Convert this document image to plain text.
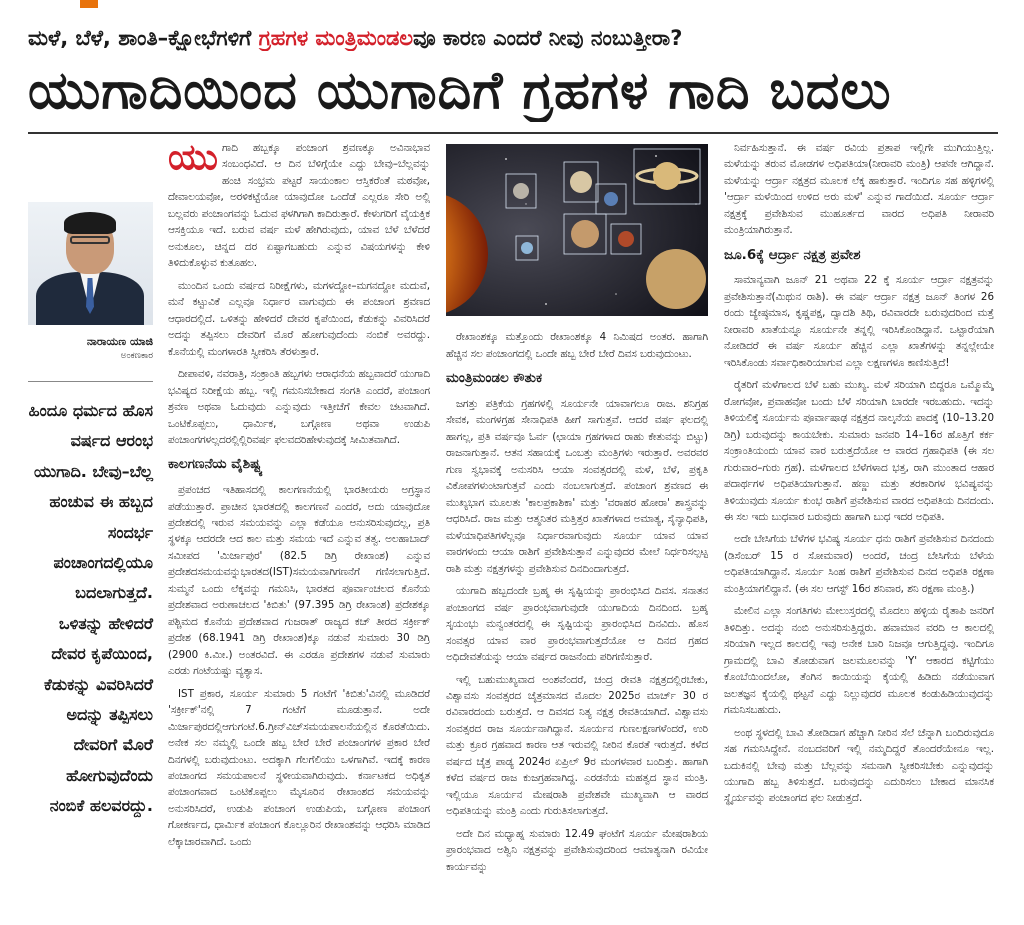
ಮಳೆ, ಬೆಳೆ, ಶಾಂತಿ–ಕ್ಷೋಭೆಗಳಿಗೆ ಗ್ರಹಗಳ ಮಂತ್ರಿಮಂಡಲವೂ ಕಾರಣ ಎಂದರೆ ನೀವು ನಂಬುತ್ತೀರಾ?
ಯುಗಾದಿಯಿಂದ ಯುಗಾದಿಗೆ ಗ್ರಹಗಳ ಗಾದಿ ಬದಲು
ನಾರಾಯಣ ಯಾಜಿ
ಅಂಕಣಕಾರ
ಹಿಂದೂ ಧರ್ಮದ ಹೊಸ ವರ್ಷದ ಆರಂಭ ಯುಗಾದಿ. ಬೇವು–ಬೆಲ್ಲ ಹಂಚುವ ಈ ಹಬ್ಬದ ಸಂದರ್ಭ ಪಂಚಾಂಗದಲ್ಲಿಯೂ ಬದಲಾಗುತ್ತದೆ. ಒಳಿತನ್ನು ಹೇಳಿದರೆ ದೇವರ ಕೃಪೆಯಿಂದ, ಕೆಡುಕನ್ನು ವಿವರಿಸಿದರೆ ಅದನ್ನು ತಪ್ಪಿಸಲು ದೇವರಿಗೆ ಮೊರೆ ಹೋಗುವುದೆಂದು ನಂಬಿಕೆ ಹಲವರದ್ದು.

ಯುಗಾದಿ ಹಬ್ಬಕ್ಕೂ ಪಂಚಾಂಗ ಶ್ರವಣಕ್ಕೂ ಅವಿನಾಭಾವ ಸಂಬಂಧವಿದೆ. ಆ ದಿನ ಬೆಳಿಗ್ಗೆಯೇ ಎದ್ದು ಬೇವು–ಬೆಲ್ಲವನ್ನು ಹಂಚಿ ಸಂಭ್ರಮ ಪಟ್ಟರೆ ಸಾಯಂಕಾಲ ಆಸ್ತಿಕರೆಂತೆ ಮಠವೋ, ದೇವಾಲಯವೋ, ಅರಳಿಕಟ್ಟೆಯೋ ಯಾವುದೋ ಒಂದೆಡೆ ಎಲ್ಲರೂ ಸೇರಿ ಅಲ್ಲಿ ಬಲ್ಲವರು ಪಂಚಾಂಗವನ್ನು ಓದುವ ಫಳಗಿಗಾಗಿ ಕಾದಿರುತ್ತಾರೆ. ಕೇಳುಗರಿಗೆ ವೈಯಕ್ತಿಕ ಆಸಕ್ತಿಯೂ ಇದೆ. ಬರುವ ವರ್ಷ ಮಳೆ ಹೇಗಿರುವುದು, ಯಾವ ಬೆಳೆ ಬೆಳೆದರೆ ಅನುಕೂಲ, ಚಿನ್ನದ ದರ ಏಷ್ಟಾಗಬಹುದು ಎನ್ನುವ ವಿಷಯಗಳನ್ನು ಕೇಳಿ ತಿಳಿದುಕೊಳ್ಳುವ ಕುತೂಹಲ.

ಮುಂದಿನ ಒಂದು ವರ್ಷದ ನಿರೀಕ್ಷೆಗಳು, ಮಗಳದ್ದೋ–ಮಗನದ್ದೋ ಮದುವೆ, ಮನೆ ಕಟ್ಟುವಿಕೆ ಎಲ್ಲವೂ ನಿರ್ಧಾರ ವಾಗುವುದು ಈ ಪಂಚಾಂಗ ಶ್ರವಣದ ಆಧಾರದಲ್ಲಿದೆ. ಒಳಿತನ್ನು ಹೇಳಿದರೆ ದೇವರ ಕೃಪೆಯಿಂದ, ಕೆಡುಕನ್ನು ವಿವರಿಸಿದರೆ ಅದನ್ನು ತಪ್ಪಿಸಲು ದೇವರಿಗೆ ಮೊರೆ ಹೋಗುವುದೆಂದು ನಂಬಿಕೆ ಅವರದ್ದು. ಕೊನೆಯಲ್ಲಿ ಮಂಗಳಾರತಿ ಸ್ವೀಕರಿಸಿ ತೆರಳುತ್ತಾರೆ.

ದೀಪಾವಳಿ, ನವರಾತ್ರಿ, ಸಂಕ್ರಾಂತಿ ಹಬ್ಬಗಳು ಆರಾಧನೆಯ ಹಬ್ಬವಾದರೆ ಯುಗಾದಿ ಭವಿಷ್ಯದ ನಿರೀಕ್ಷೆಯ ಹಬ್ಬ. ಇಲ್ಲಿ ಗಮನಿಸಬೇಕಾದ ಸಂಗತಿ ಎಂದರೆ, ಪಂಚಾಂಗ ಶ್ರವಣ ಅಥವಾ ಓದುವುದು ಎನ್ನುವುದು ಇತ್ತೀಚೆಗೆ ಕೇವಲ ಚಟವಾಗಿದೆ. ಒಂಟಿಕೊಪ್ಪಲು, ಧಾರ್ಮಿಕ, ಬಗ್ಗೋಣ ಅಥವಾ ಉಡುಪಿ ಪಂಚಾಂಗಗಳಲ್ಲದರಲ್ಲಿಲ್ಲಿರಿವರ್ಷ ಫಲವದರಿಹೇಳುವುದಕ್ಕೆ ಸೀಮಿತವಾಗಿದೆ.

ಕಾಲಗಣನೆಯ ವೈಶಿಷ್ಟ್ಯ

ಪ್ರಪಂಚದ ಇತಿಹಾಸದಲ್ಲಿ ಕಾಲಗಣನೆಯಲ್ಲಿ ಭಾರತೀಯರು ಅಗ್ರಸ್ಥಾನ ಪಡೆಯುತ್ತಾರೆ. ಪ್ರಾಚೀನ ಭಾರತದಲ್ಲಿ ಕಾಲಗಣನೆ ಎಂದರೆ, ಅದು ಯಾವುದೋ ಪ್ರದೇಶದಲ್ಲಿ ಇರುವ ಸಮಯವನ್ನು ಎಲ್ಲಾ ಕಡೆಯೂ ಅನುಸರಿಸುವುದಲ್ಲ, ಪ್ರತಿ ಸ್ಥಳಕ್ಕೂ ಆದರದೇ ಆದ ಕಾಲ ಮತ್ತು ಸಮಯ ಇದೆ ಎನ್ನುವ ತತ್ವ. ಅಲಹಾಬಾದ್ ಸಮೀಪದ 'ಮಿರ್ಜಾಪುರ' (82.5 ಡಿಗ್ರಿ ರೇಖಾಂಶ) ಎನ್ನುವ ಪ್ರದೇಶದಸಮಯವನ್ನುಭಾರತದ(IST)ಸಮಯವಾಗಿಗಣನೆಗೆ ಗಣಿಸಲಾಗುತ್ತಿದೆ. ಸುಮ್ಮನೆ ಒಂದು ಲೆಕ್ಕವನ್ನು ಗಮನಿಸಿ, ಭಾರತದ ಪೂರ್ವಾಂಚಲದ ಕೊನೆಯ ಪ್ರದೇಶವಾದ ಅರುಣಾಚಲದ 'ಕಿಬಿತು' (97.395 ಡಿಗ್ರಿ ರೇಖಾಂಶ) ಪ್ರದೇಶಕ್ಕೂ ಪಶ್ಚಿಮದ ಕೊನೆಯ ಪ್ರದೇಶವಾದ ಗುಜರಾತ್ ರಾಜ್ಯದ ಕಚ್ ತೀರದ ಸರ್ಕ್ರೀಕ್ ಪ್ರದೇಶ (68.1941 ಡಿಗ್ರಿ ರೇಖಾಂಶ)ಕ್ಕೂ ನಡುವೆ ಸುಮಾರು 30 ಡಿಗ್ರಿ (2900 ಕಿ.ಮೀ.) ಅಂತರವಿದೆ. ಈ ಎರಡೂ ಪ್ರದೇಶಗಳ ನಡುವೆ ಸುಮಾರು ಎರಡು ಗಂಟೆಯಷ್ಟು ವ್ಯತ್ಯಾಸ.

IST ಪ್ರಕಾರ, ಸೂರ್ಯ ಸುಮಾರು 5 ಗಂಟೆಗೆ 'ಕಿಬಿತು'ವಿನಲ್ಲಿ ಮೂಡಿದರೆ 'ಸರ್ಕ್ರೀಕ್'ನಲ್ಲಿ 7 ಗಂಟೆಗೆ ಮೂಡುತ್ತಾನೆ. ಅದೇ ಮಿರ್ಜಾಪುರದಲ್ಲಿಆಗುಗಂಟೆ.6.ಗ್ರೀನ್‌ವಿಚ್‌ಸಮಯಪಾಲನೆಯಲ್ಲಿನ ಕೊರತೆಯಿದು. ಅನೇಕ ಸಲ ನಮ್ಮಲ್ಲಿ ಒಂದೇ ಹಬ್ಬ ಬೇರೆ ಬೇರೆ ಪಂಚಾಂಗಗಳ ಪ್ರಕಾರ ಬೇರೆ ದಿನಗಳಲ್ಲಿ ಬರುವುದುಂಟು. ಅದಕ್ಕಾಗಿ ಗೆಲಗೆಲಿಯು ಒಳಗಾಗಿವೆ. ಇದಕ್ಕೆ ಕಾರಣ ಪಂಚಾಂಗದ ಸಮಯಪಾಲನೆ ಸ್ಥಳೀಯವಾಗಿರುವುದು. ಕರ್ನಾಟಕದ ಅಧಿಕೃತ ಪಂಚಾಂಗವಾದ ಒಂಟಿಕೊಪ್ಪಲು ಮೈಸೂರಿನ ರೇಖಾಂಶದ ಸಮಯವನ್ನು ಅನುಸರಿಸಿದರೆ, ಉಡುಪಿ ಪಂಚಾಂಗ ಉಡುಪಿಯ, ಬಗ್ಗೋಣ ಪಂಚಾಂಗ ಗೋಕರ್ಣದ, ಧಾರ್ಮಿಕ ಪಂಚಾಂಗ ಕೊಲ್ಲೂರಿನ ರೇಖಾಂಶವನ್ನು ಆಧರಿಸಿ ಮಾಡಿದ ಲೆಕ್ಕಾಚಾರವಾಗಿದೆ. ಒಂದು

ರೇಖಾಂಶಕ್ಕೂ ಮತ್ತೊಂದು ರೇಖಾಂಶಕ್ಕೂ 4 ನಿಮಿಷದ ಅಂತರ. ಹಾಗಾಗಿ ಹೆಚ್ಚಿನ ಸಲ ಪಂಚಾಂಗದಲ್ಲಿ ಒಂದೇ ಹಬ್ಬ ಬೇರೆ ಬೇರೆ ದಿವಸ ಬರುವುದುಂಟು.

ಮಂತ್ರಿಮಂಡಲ ಕೌತುಕ

ಜಗತ್ತು ಪತ್ರಿಕೆಯ ಗ್ರಹಗಳಲ್ಲಿ ಸೂರ್ಯನೇ ಯಾವಾಗಲೂ ರಾಜ. ಶನಿಗ್ರಹ ಸೇವಕ, ಮಂಗಳಗ್ರಹ ಸೇನಾಧಿಪತಿ ಹೀಗೆ ಸಾಗುತ್ತವೆ. ಆದರೆ ವರ್ಷ ಫಲದಲ್ಲಿ ಹಾಗಲ್ಲ, ಪ್ರತಿ ವರ್ಷವೂ ಓರ್ವ (ಛಾಯಾ ಗ್ರಹಗಳಾದ ರಾಹು ಕೇತುವನ್ನು ಬಿಟ್ಟು) ರಾಜನಾಗುತ್ತಾನೆ. ಆತನ ಸಹಾಯಕ್ಕೆ ಒಂಬತ್ತು ಮಂತ್ರಿಗಳು ಇರುತ್ತಾರೆ. ಅವರವರ ಗುಣ ಸ್ವಭಾವಕ್ಕೆ ಅನುಸರಿಸಿ ಆಯಾ ಸಂವತ್ಸರದಲ್ಲಿ ಮಳೆ, ಬೆಳೆ, ಪ್ರಕೃತಿ ವಿಕೋಪಗಳುಂಟಾಗುತ್ತವೆ ಎಂದು ನಂಬಲಾಗುತ್ತದೆ. ಪಂಚಾಂಗ ಶ್ರವಣದ ಈ ಮುಖ್ಯಭಾಗ ಮೂಲತಃ 'ಕಾಲಪ್ರಕಾಶಿಕಾ' ಮತ್ತು 'ವರಾಹರ ಹೋರಾ' ಶಾಸ್ತ್ರವನ್ನು ಆಧರಿಸಿದೆ. ರಾಜ ಮತ್ತು ಆತ್ಮನಿತರ ಮತ್ತಿತ್ತರ ಖಾತೆಗಳಾದ ಅಮಾತ್ಯ, ಸೈನ್ಯಾಧಿಪತಿ, ಮಳೆಯಾಧಿಪತಿಗಳೆಲ್ಲವೂ ನಿರ್ಧಾರವಾಗುವುದು ಸೂರ್ಯ ಯಾವ ಯಾವ ವಾರಗಳಂದು ಆಯಾ ರಾಶಿಗೆ ಪ್ರವೇಶಿಸುತ್ತಾನೆ ಎನ್ನುವುದರ ಮೇಲೆ ನಿರ್ಧರಿಸಲ್ಪಟ್ಟ ರಾಶಿ ಮತ್ತು ನಕ್ಷತ್ರಗಳನ್ನು ಪ್ರವೇಶಿಸುವ ದಿನದಿಂದಾಗುತ್ತದೆ.

ಯುಗಾದಿ ಹಬ್ಬದಂದೇ ಬ್ರಹ್ಮ ಈ ಸೃಷ್ಟಿಯನ್ನು ಪ್ರಾರಂಭಿಸಿದ ದಿವಸ. ಸನಾತನ ಪಂಚಾಂಗದ ವರ್ಷ ಪ್ರಾರಂಭವಾಗುವುದೇ ಯುಗಾದಿಯ ದಿನದಿಂದ. ಬ್ರಹ್ಮ ಸೃಯಂಭು ಮನ್ವಂತರದಲ್ಲಿ ಈ ಸೃಷ್ಟಿಯನ್ನು ಪ್ರಾರಂಭಿಸಿದ ದಿನವಿದು. ಹೊಸ ಸಂವತ್ಸರ ಯಾವ ವಾರ ಪ್ರಾರಂಭವಾಗುತ್ತದೆಯೋ ಆ ದಿನದ ಗ್ರಹದ ಅಧಿದೇವತೆಯನ್ನು ಆಯಾ ವರ್ಷದ ರಾಜನೆಂದು ಪರಿಗಣಿಸುತ್ತಾರೆ.

ಇಲ್ಲಿ ಬಹುಮುಖ್ಯವಾದ ಅಂಶವೆಂದರೆ, ಚಂದ್ರ ರೇವತಿ ನಕ್ಷತ್ರದಲ್ಲಿರಬೇಕು, ವಿಶ್ವಾವಸು ಸಂವತ್ಸರದ ಚೈತ್ರಮಾಸದ ಮೊದಲ 2025ರ ಮಾರ್ಚ್ 30 ರ ರವಿವಾರದಂದು ಬರುತ್ತದೆ. ಆ ದಿವಸದ ನಿತ್ಯ ನಕ್ಷತ್ರ ರೇವತಿಯಾಗಿದೆ. ವಿಶ್ವಾವಸು ಸಂವತ್ಸರದ ರಾಜ ಸೂರ್ಯನಾಗಿದ್ದಾನೆ. ಸೂರ್ಯನ ಗುಣಲಕ್ಷಣಗಳೆಂದರೆ, ಉರಿ ಮತ್ತು ಕ್ರೂರ ಗ್ರಹವಾದ ಕಾರಣ ಆತ ಇರುವಲ್ಲಿ ನೀರಿನ ಕೊರತೆ ಇರುತ್ತದೆ. ಕಳೆದ ವರ್ಷದ ಚೈತ್ರ ಪಾಡ್ಯ 2024ರ ಏಪ್ರಿಲ್ 9ರ ಮಂಗಳವಾರ ಬಂದಿತ್ತು. ಹಾಗಾಗಿ ಕಳೆದ ವರ್ಷದ ರಾಜ ಕುಜಗ್ರಹವಾಗಿದ್ದ. ಎರಡನೆಯ ಮಹತ್ವದ ಸ್ಥಾನ ಮಂತ್ರಿ. ಇಲ್ಲಿಯೂ ಸೂರ್ಯನ ಮೇಷರಾಶಿ ಪ್ರವೇಶವೇ ಮುಖ್ಯವಾಗಿ ಆ ವಾರದ ಅಧಿಪತಿಯನ್ನು ಮಂತ್ರಿ ಎಂದು ಗುರುತಿಸಲಾಗುತ್ತದೆ.

ಅದೇ ದಿನ ಮಧ್ಯಾಹ್ನ ಸುಮಾರು 12.49 ಘಂಟೆಗೆ ಸೂರ್ಯ ಮೇಷರಾಶಿಯ ಪ್ರಾರಂಭವಾದ ಅಶ್ವಿನಿ ನಕ್ಷತ್ರವನ್ನು ಪ್ರವೇಶಿಸುವುದರಿಂದ ಆಮಾತ್ಯನಾಗಿ ರವಿಯೇ ಕಾರ್ಯವನ್ನು

ನಿರ್ವಹಿಸುತ್ತಾನೆ. ಈ ವರ್ಷ ರವಿಯ ಪ್ರತಾಪ ಇಲ್ಲಿಗೇ ಮುಗಿಯುತ್ತಿಲ್ಲ. ಮಳೆಯನ್ನು ತರುವ ಮೋಡಗಳ ಅಧಿಪತಿಯಾ(ನೀರಾವರಿ ಮಂತ್ರಿ) ಆಪನೇ ಆಗಿದ್ದಾನೆ. ಮಳೆಯನ್ನು ಆರ್ದ್ರಾ ನಕ್ಷತ್ರದ ಮೂಲಕ ಲೆಕ್ಕ ಹಾಕುತ್ತಾರೆ. ಇಂದಿಗೂ ಸಹ ಹಳ್ಳಿಗಳಲ್ಲಿ 'ಆರ್ದ್ರಾ ಮಳೆಯಿಂದ ಉಳಿದ ಅರು ಮಳೆ' ಎನ್ನುವ ಗಾದೆಯಿದೆ. ಸೂರ್ಯ ಆರ್ದ್ರಾ ನಕ್ಷತ್ರಕ್ಕೆ ಪ್ರವೇಶಿಸುವ ಮುಹೂರ್ತದ ವಾರದ ಅಧಿಪತಿ ನೀರಾವರಿ ಮಂತ್ರಿಯಾಗಿರುತ್ತಾನೆ.

ಜೂ.6ಕ್ಕೆ ಆರ್ದ್ರಾ ನಕ್ಷತ್ರ ಪ್ರವೇಶ

ಸಾಮಾನ್ಯವಾಗಿ ಜೂನ್ 21 ಅಥವಾ 22 ಕ್ಕೆ ಸೂರ್ಯ ಆರ್ದ್ರಾ ನಕ್ಷತ್ರವನ್ನು ಪ್ರವೇಶಿಸುತ್ತಾನೆ(ಮಿಥುನ ರಾಶಿ). ಈ ವರ್ಷ ಆರ್ದ್ರಾ ನಕ್ಷತ್ರ ಜೂನ್ ತಿಂಗಳ 26 ರಂದು ಜ್ಯೇಷ್ಠಮಾಸ, ಕೃಷ್ಣಪಕ್ಷ, ದ್ವಾದಶಿ ತಿಥಿ, ರವಿವಾರದೇ ಬರುವುದರಿಂದ ಮತ್ತೆ ನೀರಾವರಿ ಖಾತೆಯನ್ನೂ ಸೂರ್ಯನೇ ತನ್ನಲ್ಲಿ ಇರಿಸಿಕೊಂಡಿದ್ದಾನೆ. ಒಟ್ಟಾರೆಯಾಗಿ ನೋಡಿದರೆ ಈ ವರ್ಷ ಸೂರ್ಯ ಹೆಚ್ಚಿನ ಎಲ್ಲಾ ಖಾತೆಗಳನ್ನು ತನ್ನಲ್ಲೇಯೇ ಇರಿಸಿಕೊಂಡು ಸರ್ವಾಧಿಕಾರಿಯಾಗುವ ಎಲ್ಲಾ ಲಕ್ಷಣಗಳೂ ಕಾಣಿಸುತ್ತಿದೆ!

ರೈತರಿಗೆ ಮಳೆಗಾಲದ ಬೆಳೆ ಬಹು ಮುಖ್ಯ. ಮಳೆ ಸರಿಯಾಗಿ ಬಿದ್ದರೂ ಒಮ್ಮೊಮ್ಮೆ ರೋಗವೋ, ಪ್ರವಾಹವೋ ಬಂದು ಬೆಳೆ ಸರಿಯಾಗಿ ಬಾರದೇ ಇರಬಹುದು. ಇದನ್ನು ತಿಳಿಯಲಿಕ್ಕೆ ಸೂರ್ಯನು ಪೂರ್ವಾಷಾಢ ನಕ್ಷತ್ರದ ನಾಲ್ಕನೆಯ ಪಾದಕ್ಕೆ (10–13.20 ಡಿಗ್ರಿ) ಬರುವುದನ್ನು ಕಾಯಬೇಕು. ಸುಮಾರು ಜನವರಿ 14–16ರ ಹೊತ್ತಿಗೆ ಕರ್ಕ ಸಂಕ್ರಾಂತಿಯಂದು ಯಾವ ವಾರ ಬರುತ್ತದೆಯೋ ಆ ವಾರದ ಗ್ರಹಾಧಿಪತಿ (ಈ ಸಲ ಗುರುವಾರ–ಗುರು ಗ್ರಹ). ಮಳೆಗಾಲದ ಬೆಳೆಗಳಾದ ಭತ್ತ, ರಾಗಿ ಮುಂತಾದ ಆಹಾರ ಪದಾರ್ಥಗಳ ಅಧಿಪತಿಯಾಗುತ್ತಾನೆ. ಹಣ್ಣು ಮತ್ತು ತರಕಾರಿಗಳ ಭವಿಷ್ಯವನ್ನು ತಿಳಿಯುವುದು ಸೂರ್ಯ ಕುಂಭ ರಾಶಿಗೆ ಪ್ರವೇಶಿಸುವ ವಾರದ ಅಧಿಪತಿಯ ದಿನದಂದು. ಈ ಸಲ ಇದು ಬುಧವಾರ ಬರುವುದು ಹಾಗಾಗಿ ಬುಧ ಇದರ ಅಧಿಪತಿ.

ಅದೇ ಬೇಸಿಗೆಯ ಬೆಳೆಗಳ ಭವಿಷ್ಯ ಸೂರ್ಯ ಧನು ರಾಶಿಗೆ ಪ್ರವೇಶಿಸುವ ದಿನದಂದು (ಡಿಸೆಂಬರ್ 15 ರ ಸೋಮವಾರ) ಅಂದರೆ, ಚಂದ್ರ ಬೇಸಿಗೆಯ ಬೆಳೆಯ ಅಧಿಪತಿಯಾಗಿದ್ದಾನೆ. ಸೂರ್ಯ ಸಿಂಹ ರಾಶಿಗೆ ಪ್ರವೇಶಿಸುವ ದಿನದ ಅಧಿಪತಿ ರಕ್ಷಣಾ ಮಂತ್ರಿಯಾಗಲಿದ್ದಾನೆ. (ಈ ಸಲ ಆಗಸ್ಟ್ 16ರ ಶನಿವಾರ, ಶನಿ ರಕ್ಷಣಾ ಮಂತ್ರಿ.)

ಮೇಲಿನ ಎಲ್ಲಾ ಸಂಗತಿಗಳು ಮೇಲುಸ್ತರದಲ್ಲಿ ಮೊದಲು ಹಳ್ಳಿಯ ರೈತಾಪಿ ಜನರಿಗೆ ತಿಳಿದಿತ್ತು. ಅದನ್ನು ನಂಬಿ ಅನುಸರಿಸುತ್ತಿದ್ದರು. ಹವಾಮಾನ ವರದಿ ಆ ಕಾಲದಲ್ಲಿ ಸರಿಯಾಗಿ ಇಲ್ಲದ ಕಾಲದಲ್ಲಿ ಇವು ಅನೇಕ ಬಾರಿ ನಿಜವೂ ಆಗುತ್ತಿದ್ದವು. ಇಂದಿಗೂ ಗ್ರಾಮದಲ್ಲಿ ಬಾವಿ ತೋಡುವಾಗ ಜಲಮೂಲವನ್ನು 'Y' ಆಕಾರದ ಕಟ್ಟಿಗೆಯು ಕೊಂಬೆಯಿಂದಲೋ, ತೆಂಗಿನ ಕಾಯಿಯನ್ನು ಕೈಯಲ್ಲಿ ಹಿಡಿದು ನಡೆಯುವಾಗ ಜಲತಜ್ಞನ ಕೈಯಲ್ಲಿ ಥಟ್ಟನೆ ಎದ್ದು ನಿಲ್ಲುವುದರ ಮೂಲಕ ಕಂಡುಹಿಡಿಯುವುದನ್ನು ಗಮನಿಸಬಹುದು.

ಅಂಥ ಸ್ಥಳದಲ್ಲಿ ಬಾವಿ ತೋಡಿದಾಗ ಹೆಚ್ಚಾಗಿ ನೀರಿನ ಸೆಲೆ ಚೆನ್ನಾಗಿ ಬಂದಿರುವುದೂ ಸಹ ಗಮನಿಸಿದ್ದೇನೆ. ನಂಬದವರಿಗೆ ಇಲ್ಲಿ ನಮ್ಮದಿದ್ದರೆ ತೊಂದರೆಯೇನೂ ಇಲ್ಲ. ಬದುಕಿನಲ್ಲಿ ಬೇವು ಮತ್ತು ಬೆಲ್ಲವನ್ನು ಸಮನಾಗಿ ಸ್ವೀಕರಿಸಬೇಕು ಎನ್ನುವುದನ್ನು ಯುಗಾದಿ ಹಬ್ಬ ತಿಳಿಸುತ್ತದೆ. ಬರುವುದನ್ನು ಎದುರಿಸಲು ಬೇಕಾದ ಮಾನಸಿಕ ಸ್ಥೈರ್ಯವನ್ನು ಪಂಚಾಂಗದ ಫಲ ನೀಡುತ್ತದೆ.
